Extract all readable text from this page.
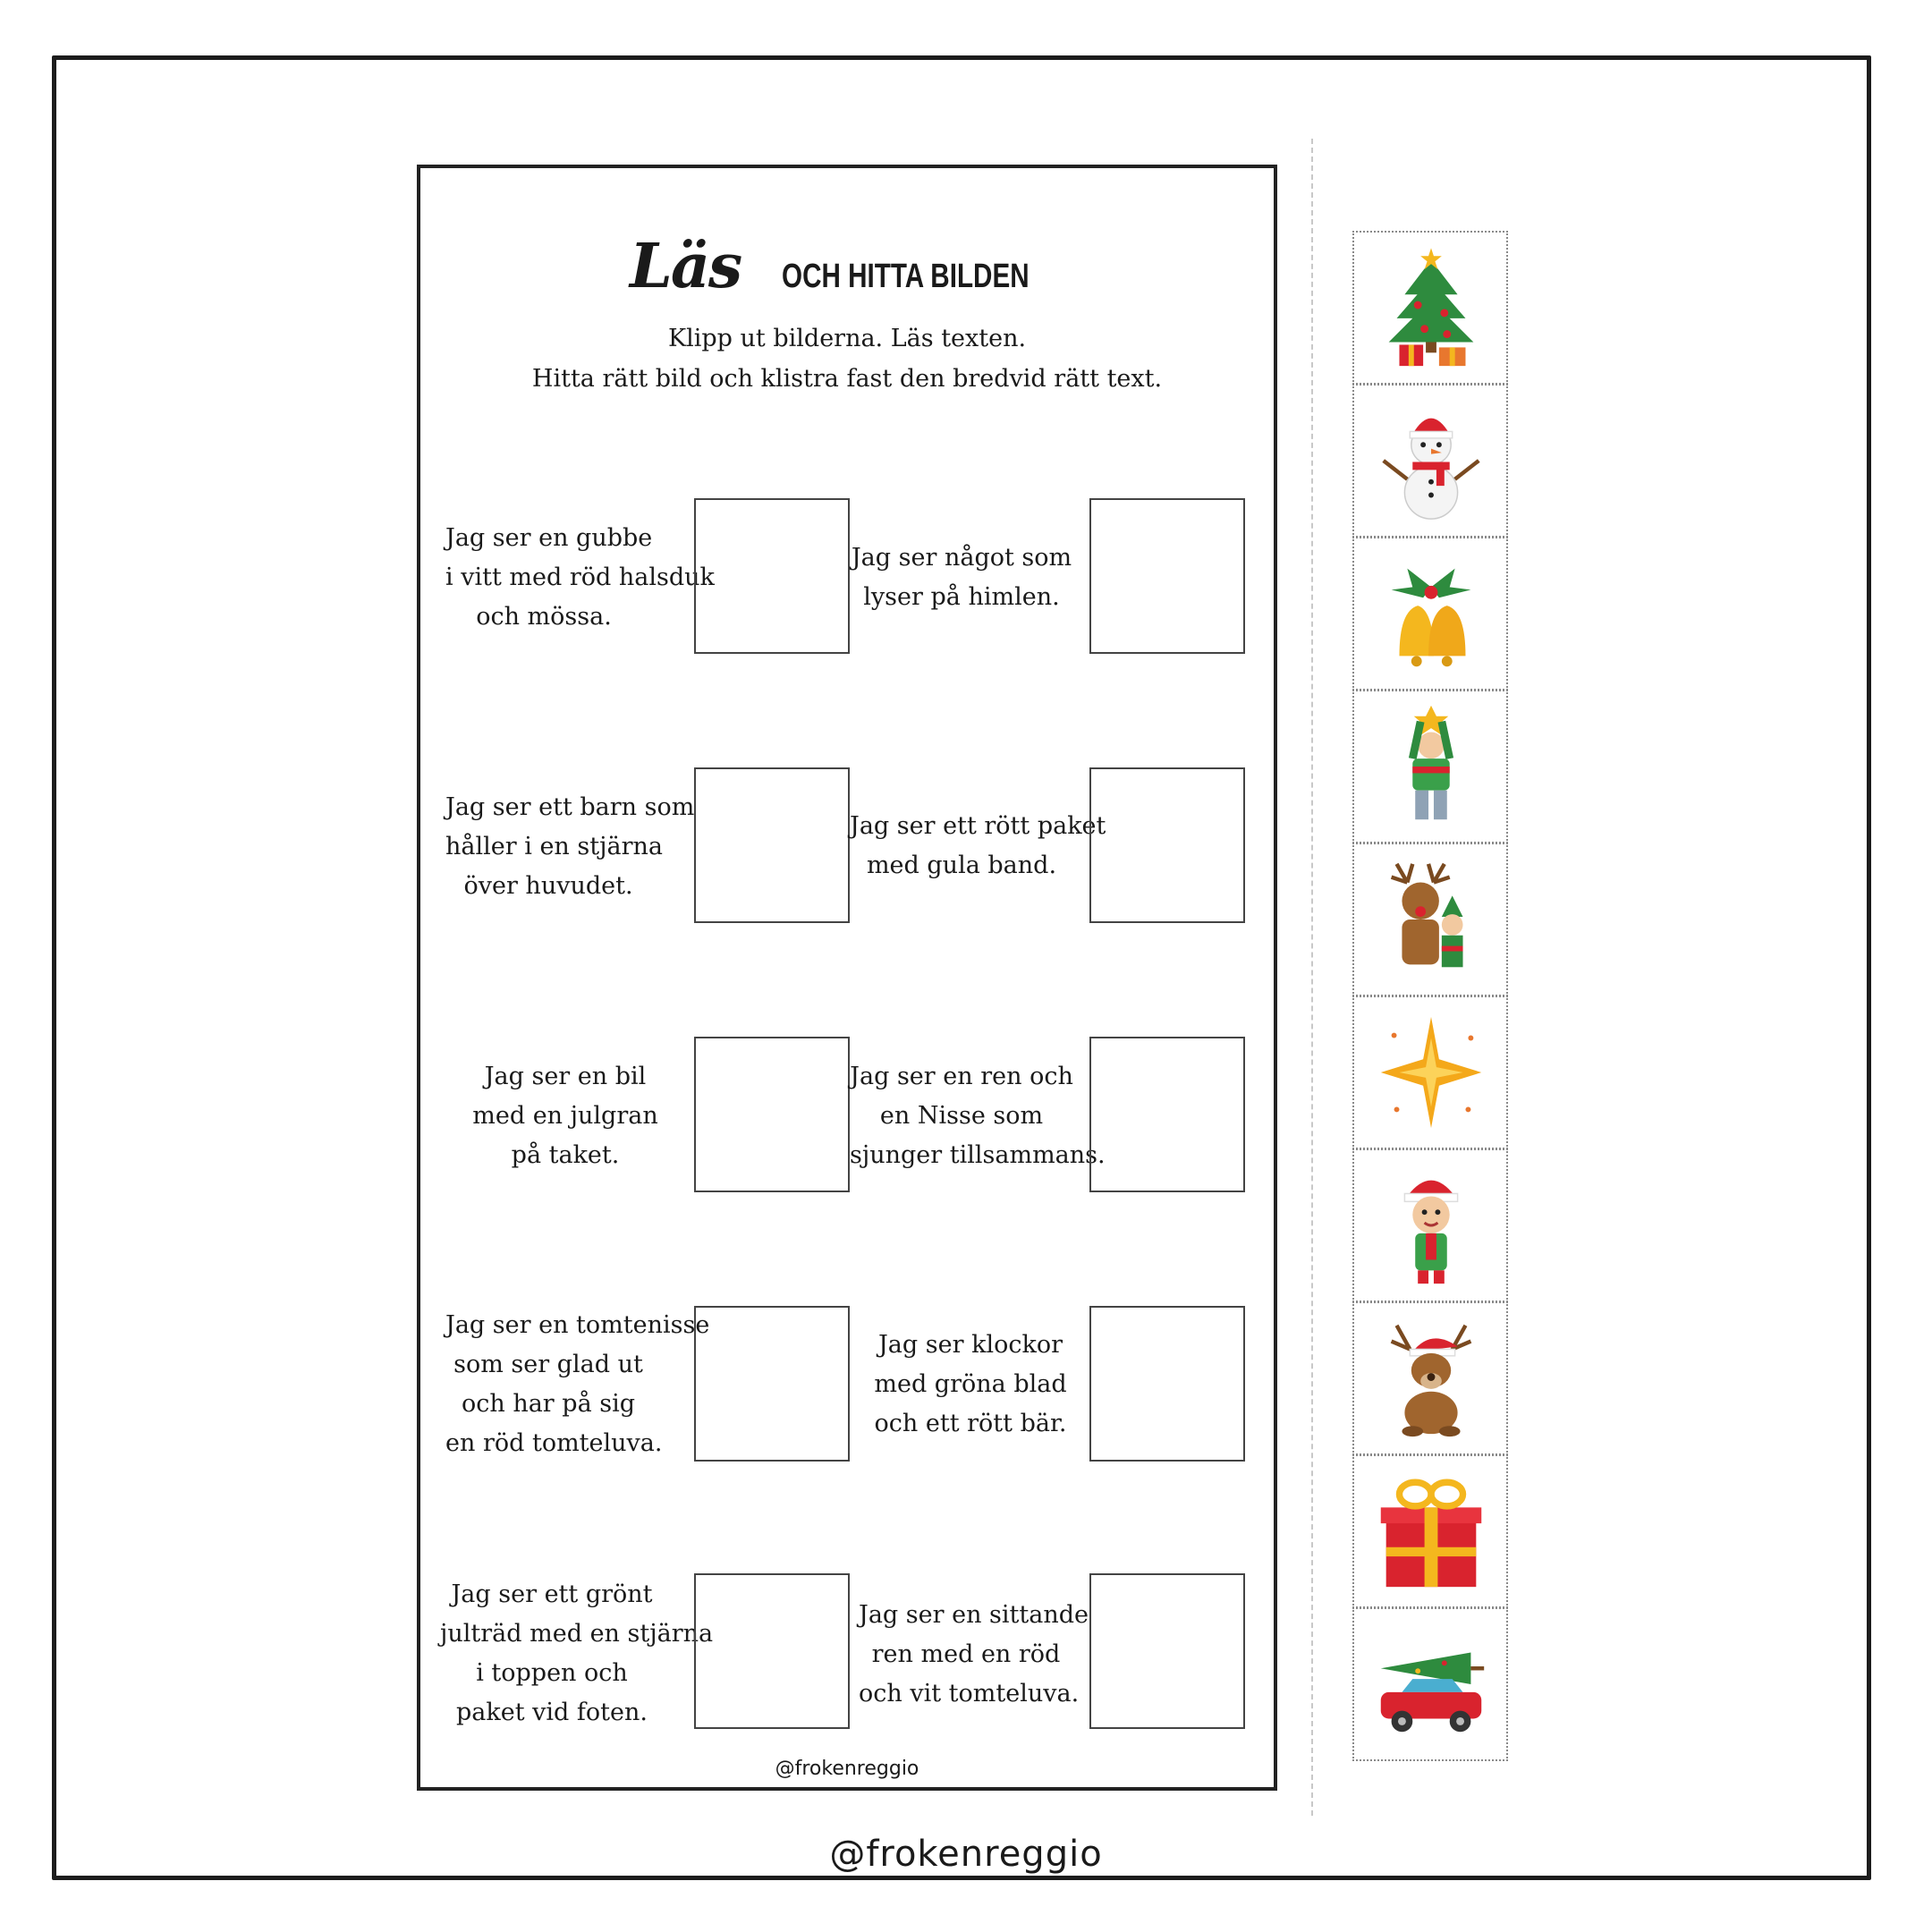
Läs OCH HITTA BILDEN
Klipp ut bilderna. Läs texten.
Hitta rätt bild och klistra fast den bredvid rätt text.
Jag ser en gubbe
i vitt med röd halsduk
och mössa.
Jag ser något som
lyser på himlen.
Jag ser ett barn som
håller i en stjärna
över huvudet.
Jag ser ett rött paket
med gula band.
Jag ser en bil
med en julgran
på taket.
Jag ser en ren och
en Nisse som
sjunger tillsammans.
Jag ser en tomtenisse
som ser glad ut
och har på sig
en röd tomteluva.
Jag ser klockor
med gröna blad
och ett rött bär.
Jag ser ett grönt
julträd med en stjärna
i toppen och
paket vid foten.
Jag ser en sittande
ren med en röd
och vit tomteluva.
@frokenreggio
@frokenreggio
